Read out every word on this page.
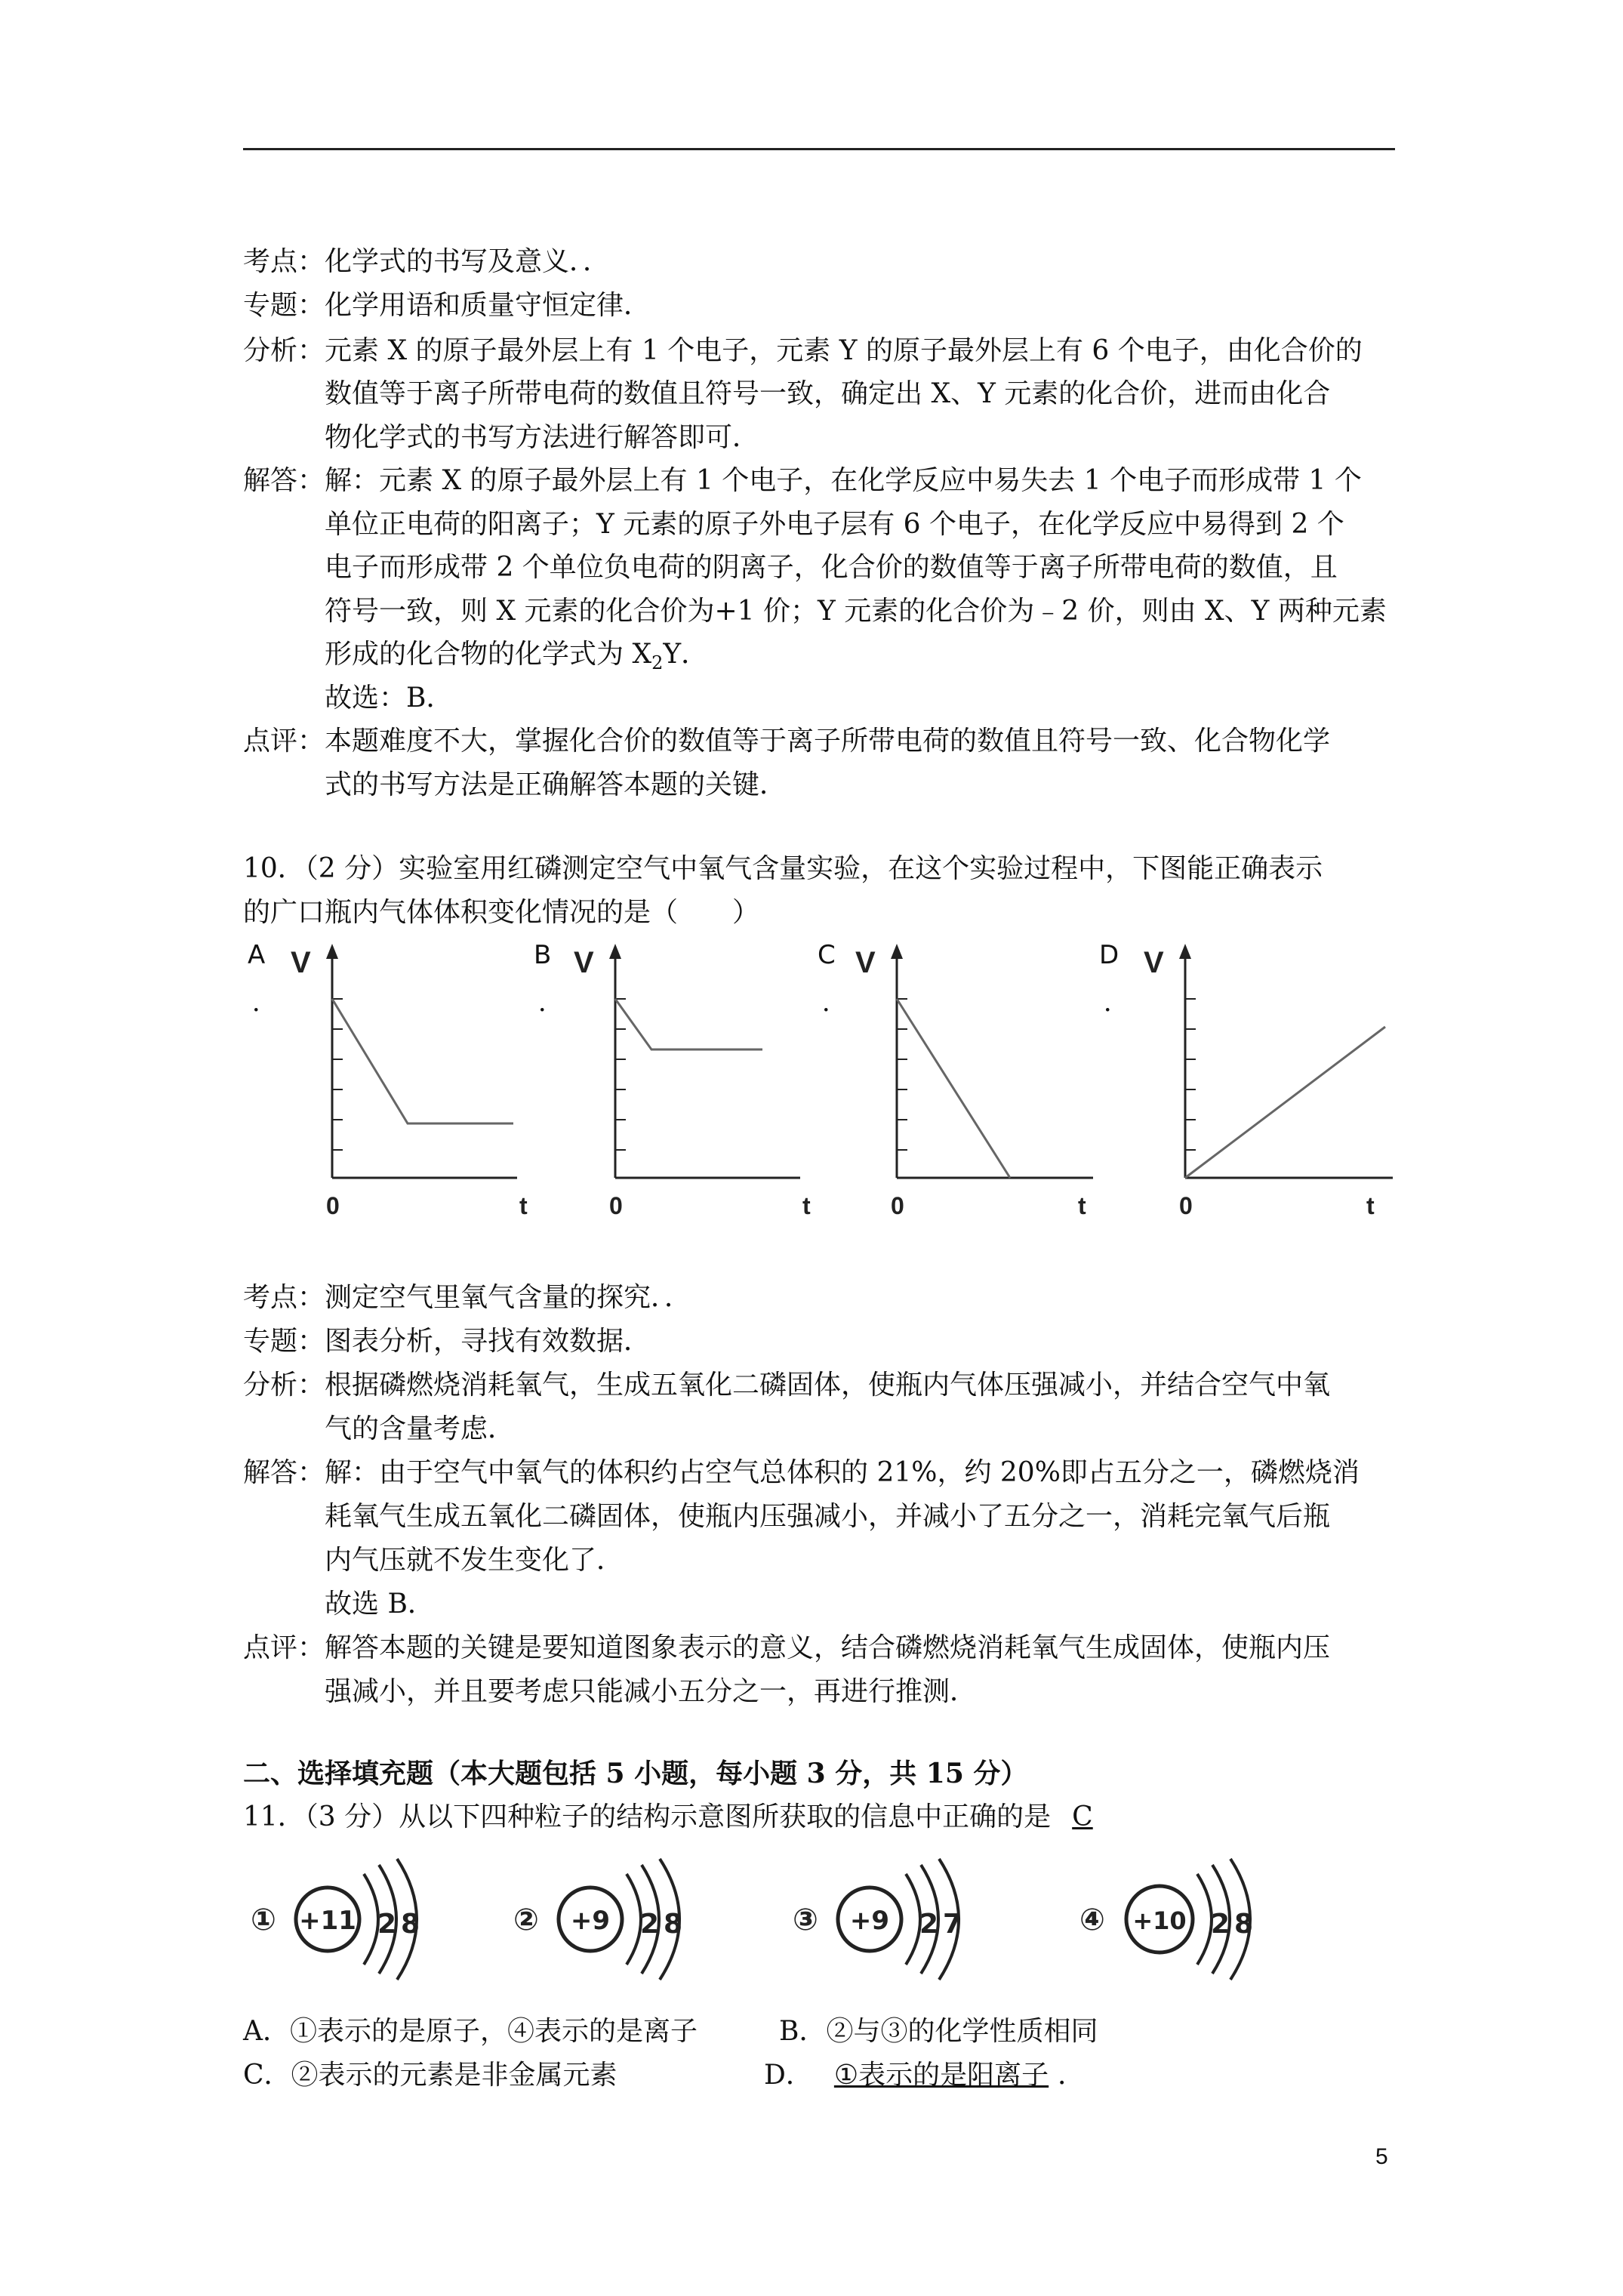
考点：化学式的书写及意义．．
专题：化学用语和质量守恒定律．
分析：元素 X 的原子最外层上有 1 个电子，元素 Y 的原子最外层上有 6 个电子，由化合价的
数值等于离子所带电荷的数值且符号一致，确定出 X、Y 元素的化合价，进而由化合
物化学式的书写方法进行解答即可．
解答：解：元素 X 的原子最外层上有 1 个电子，在化学反应中易失去 1 个电子而形成带 1 个
单位正电荷的阳离子；Y 元素的原子外电子层有 6 个电子，在化学反应中易得到 2 个
电子而形成带 2 个单位负电荷的阴离子，化合价的数值等于离子所带电荷的数值，且
符号一致，则 X 元素的化合价为+1 价；Y 元素的化合价为﹣2 价，则由 X、Y 两种元素
形成的化合物的化学式为 $X_2Y$．
故选：B．
点评：本题难度不大，掌握化合价的数值等于离子所带电荷的数值且符号一致、化合物化学
式的书写方法是正确解答本题的关键．
10．（2 分）实验室用红磷测定空气中氧气含量实验，在这个实验过程中，下图能正确表示
的广口瓶内气体体积变化情况的是（　　）
A
．
V
0	t
B
．
V
0	t
C
．
V
0	t
D
．
V
0	t
考点：测定空气里氧气含量的探究．．
专题：图表分析，寻找有效数据．
分析：根据磷燃烧消耗氧气，生成五氧化二磷固体，使瓶内气体压强减小，并结合空气中氧
气的含量考虑．
解答：解：由于空气中氧气的体积约占空气总体积的 21%，约 20%即占五分之一，磷燃烧消
耗氧气生成五氧化二磷固体，使瓶内压强减小，并减小了五分之一，消耗完氧气后瓶
内气压就不发生变化了．
故选 B．
点评：解答本题的关键是要知道图象表示的意义，结合磷燃烧消耗氧气生成固体，使瓶内压
强减小，并且要考虑只能减小五分之一，再进行推测．
二、选择填充题（本大题包括 5 小题，每小题 3 分，共 15 分）
11．（3 分）从以下四种粒子的结构示意图所获取的信息中正确的是 C
① +11 2 8	② +9 2 8	③ +9 2 7	④ +10 2 8
A．①表示的是原子，④表示的是离子	B．②与③的化学性质相同
C．②表示的元素是非金属元素	D． ①表示的是阳离子 ．
5
